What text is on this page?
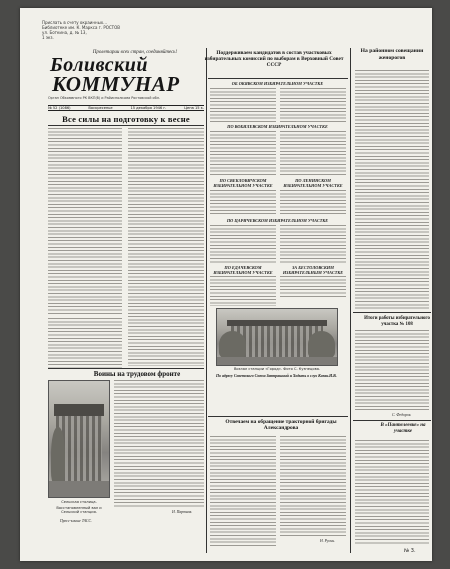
Прислать в счету окраинных…
Библиотеке им. К. Маркса г. РОСТОВ
ул. Боткина, д. № 13,
1 экз.
Пролетарии всех стран, соединяйтесь!
Боливский
КОММУНАР
Орган Обкомвного РК ВКП(б) и Райисполкома Ростовской обл.
№ 52 (1086)	Воскресенье	15 декабря 1946 г.	Цена 15 к.
Все силы на подготовку к весне
Воины на трудовом фронте
Сельская столица.
Восстановленный вал и Сельский станция.
Пресс-клише ТАСС.
И. Партнов.
Поддерживаем кандидатов в состав участковых избирательных комиссий по выборам в Верховный Совет СССР
ОБ ОКЯВСКОМ ИЗБИРАТЕЛЬНОМ УЧАСТКЕ
ПО ВОБИЛЕВСКОМ ИЗБИРАТЕЛЬНОМ УЧАСТКЕ
ПО СВЕКЛОВИЧСКОМ ИЗБИРАТЕЛЬНОМ УЧАСТКЕ
ПО ЛЕНИНСКОМ ИЗБИРАТЕЛЬНОМ УЧАСТКЕ
ПО ЦАРИЧЕВСКОМ ИЗБИРАТЕЛЬНОМ УЧАСТКЕ
ПО ЕДАЧЕВСКОМ ИЗБИРАТЕЛЬНОМ УЧАСТКЕ
ЗА БЕСТОЛОВСКИМ ИЗБИРАТЕЛЬНЫМ УЧАСТКЕ
Вокзал станции «Город». Фото С. Кузнецова.
По адресу Советского Союза Завтрашний и Ходить в слух Казак.И.В.
Отвечаем на обращение тракторной бригады Александрова
Н. Русин.
На районном совещании женорогов
Итоги работы избирательного участка № 108
С. Федоров.
В «Пантелеевке» на участке
№ 3.
